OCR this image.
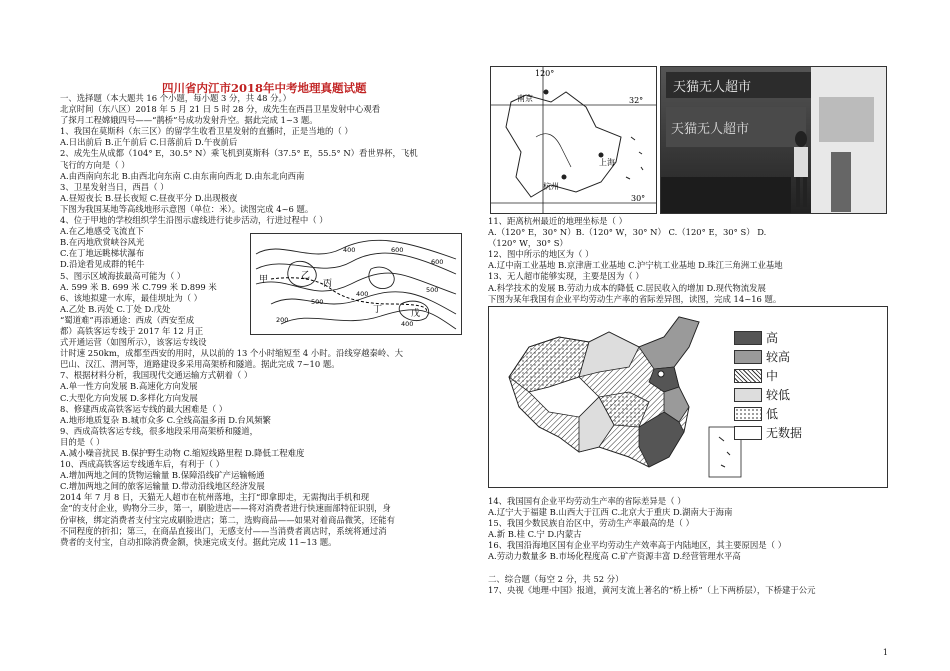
四川省内江市2018年中考地理真题试题
一、选择题（本大题共 16 个小题，每小题 3 分，共 48 分。）
北京时间（东八区）2018 年 5 月 21 日 5 时 28 分，成先生在西昌卫星发射中心观看
了探月工程嫦娥四号——“鹊桥”号成功发射升空。据此完成 1~3 题。
1、我国在莫斯科（东三区）的留学生收看卫星发射的直播时，正是当地的（ ）
A.日出前后 B.正午前后 C.日落前后 D.午夜前后
2、成先生从成都（104° E，30.5° N）乘飞机到莫斯科（37.5° E，55.5° N）看世界杯，飞机
飞行的方向是（ ）
A.由西南向东北 B.由西北向东南 C.由东南向西北 D.由东北向西南
3、卫星发射当日，西昌（ ）
A.昼短夜长 B.昼长夜短 C.昼夜平分 D.出现极夜
下图为我国某地等高线地形示意图（单位：米）。读图完成 4~6 题。
4、位于甲地的学校组织学生沿图示虚线进行徒步活动，行进过程中（ ）
A.在乙地感受飞流直下
B.在丙地欣赏峡谷风光
C.在丁地远眺梯状瀑布
D.沿途看见成群的牦牛
5、图示区域海拔最高可能为（ ）
A. 599 米 B. 699 米 C.799 米 D.899 米
6、该地拟建一水库，最佳坝址为（ ）
A.乙处 B.丙处 C.丁处 D.戊处
“蜀道难”再添通途：西成（西安至成
都）高铁客运专线于 2017 年 12 月正
式开通运营（如图所示），该客运专线设
计时速 250km，成都至西安的用时，从以前的 13 个小时缩短至 4 小时。沿线穿越秦岭、大
巴山、汉江、渭河等，道路建设多采用高架桥和隧道。据此完成 7~10 题。
7、根据材料分析，我国现代交通运输方式朝着（ ）
A.单一性方向发展 B.高速化方向发展
C.大型化方向发展 D.多样化方向发展
8、修建西成高铁客运专线的最大困难是（ ）
A.地形地质复杂 B.城市众多 C.全线高温多雨 D.台风频繁
9、西成高铁客运专线，很多地段采用高架桥和隧道，
目的是（ ）
A.减小噪音扰民 B.保护野生动物 C.缩短线路里程 D.降低工程难度
10、西成高铁客运专线通车后，有利于（ ）
A.增加两地之间的货物运输量 B.保障沿线矿产运输畅通
C.增加两地之间的旅客运输量 D.带动沿线地区经济发展
2014 年 7 月 8 日，天猫无人超市在杭州落地，主打“即拿即走，无需掏出手机和现
金”的支付企业，购物分三步，第一，刷脸进店——将对消费者进行快速面部特征识别，身
份审核，绑定消费者支付宝完成刷脸进店；第二，选购商品——如果对着商品微笑，还能有
不同程度的折扣；第三，在商品直接出门，无感支付——当消费者离店时，系统将通过消
费者的支付宝，自动扣除消费金额，快速完成支付。据此完成 11~13 题。
甲	乙
丙
丁	戊
400	600
500
400	500
200	400
600
120°
南京	32°
上海
杭州
30°
天猫无人超市
天猫无人超市
11、距离杭州最近的地理坐标是（ ）
A.（120° E，30° N）B.（120° W，30° N） C.（120° E，30° S） D.
（120° W，30° S）
12、图中所示的地区为（ ）
A.辽中南工业基地 B.京津唐工业基地 C.沪宁杭工业基地 D.珠江三角洲工业基地
13、无人超市能够实现，主要是因为（ ）
A.科学技术的发展 B.劳动力成本的降低 C.居民收入的增加 D.现代物流发展
下图为某年我国有企业平均劳动生产率的省际差异图，读图，完成 14~16 题。
高
较高
中
较低
低
无数据
14、我国国有企业平均劳动生产率的省际差异是（ ）
A.辽宁大于福建 B.山西大于江西 C.北京大于重庆 D.湖南大于海南
15、我国少数民族自治区中，劳动生产率最高的是（ ）
A.新 B.桂 C.宁 D.内蒙古
16、我国沿海地区国有企业平均劳动生产效率高于内陆地区，其主要原因是（ ）
A.劳动力数量多 B.市场化程度高 C.矿产资源丰富 D.经营管理水平高
二、综合题（每空 2 分，共 52 分）
17、央视《地理·中国》报道，黄河支流上著名的“桥上桥”（上下两桥层），下桥建于公元
1
